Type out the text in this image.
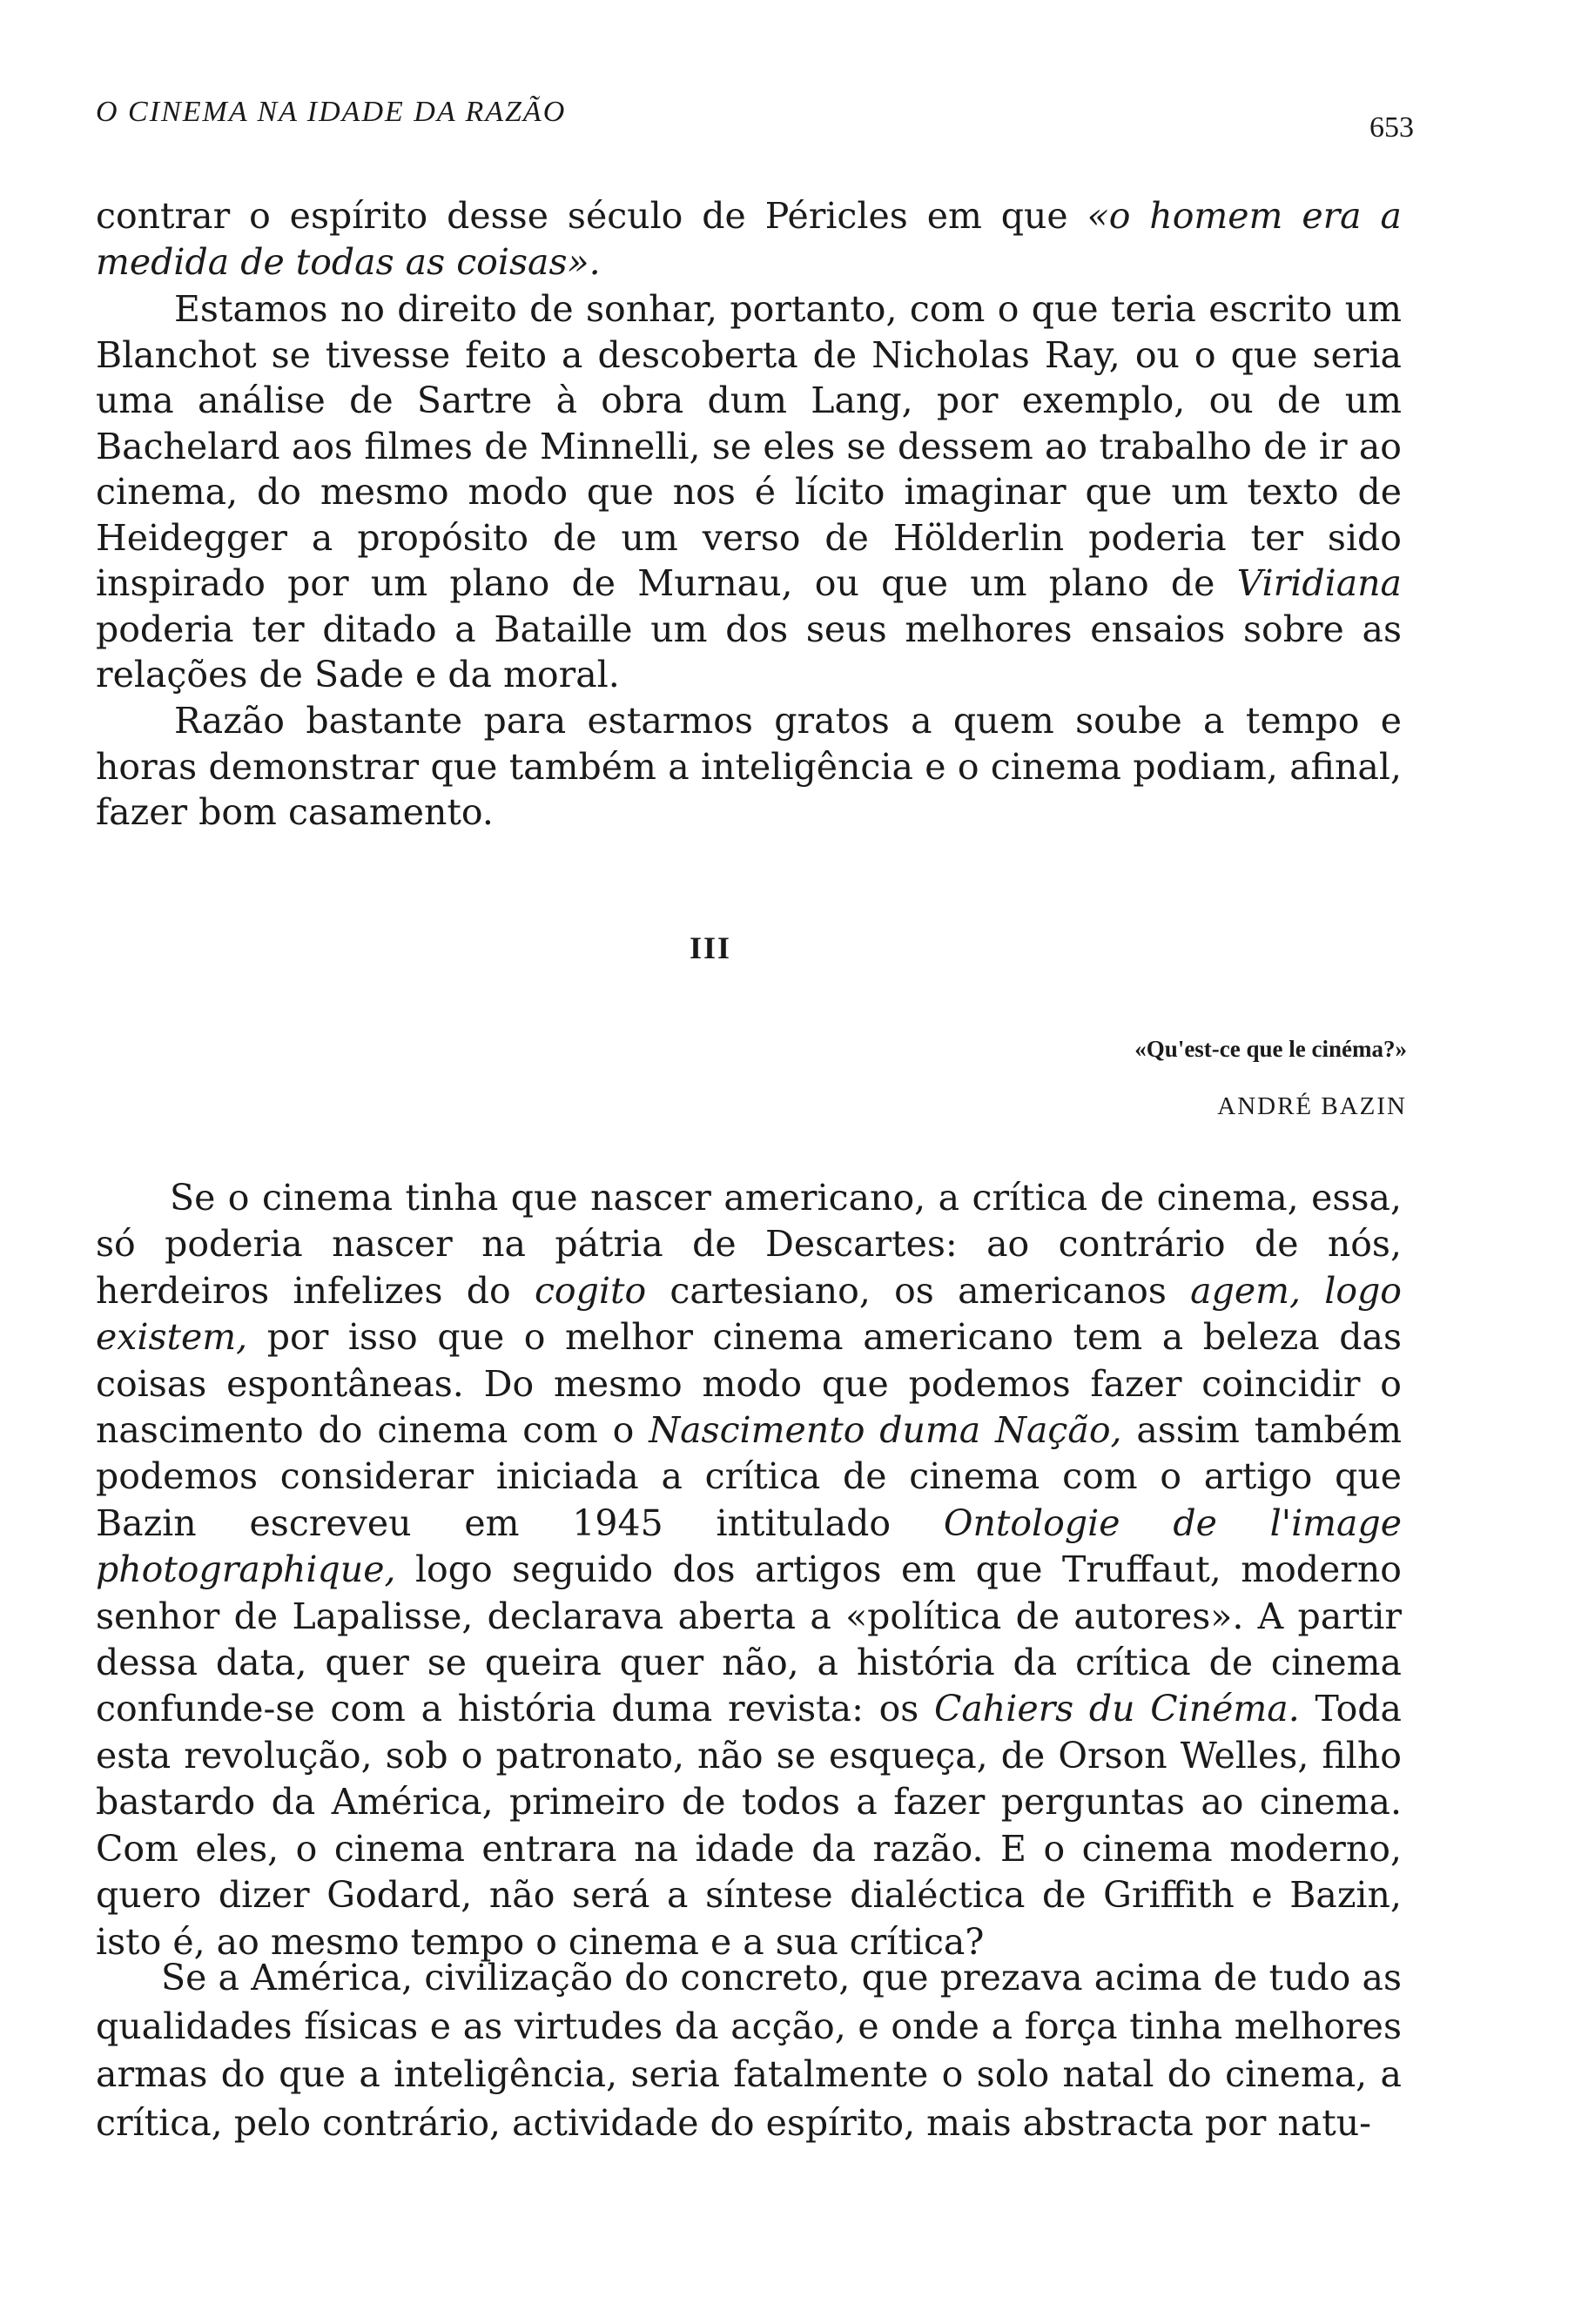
O CINEMA NA IDADE DA RAZÃO	653

contrar o espírito desse século de Péricles em que «o homem era a medida de todas as coisas».

Estamos no direito de sonhar, portanto, com o que teria escrito um Blanchot se tivesse feito a descoberta de Nicholas Ray, ou o que seria uma análise de Sartre à obra dum Lang, por exemplo, ou de um Bachelard aos filmes de Minnelli, se eles se dessem ao trabalho de ir ao cinema, do mesmo modo que nos é lícito imaginar que um texto de Heidegger a propósito de um verso de Hölderlin poderia ter sido inspirado por um plano de Murnau, ou que um plano de Viridiana poderia ter ditado a Bataille um dos seus melhores ensaios sobre as relações de Sade e da moral.

Razão bastante para estarmos gratos a quem soube a tempo e horas demonstrar que também a inteligência e o cinema podiam, afinal, fazer bom casamento.

III
«Qu'est-ce que le cinéma?»
ANDRÉ BAZIN

Se o cinema tinha que nascer americano, a crítica de cinema, essa, só poderia nascer na pátria de Descartes: ao contrário de nós, herdeiros infelizes do cogito cartesiano, os americanos agem, logo existem, por isso que o melhor cinema americano tem a beleza das coisas espontâneas. Do mesmo modo que podemos fazer coincidir o nascimento do cinema com o Nascimento duma Nação, assim também podemos considerar iniciada a crítica de cinema com o artigo que Bazin escreveu em 1945 intitulado Ontologie de l'image photographique, logo seguido dos artigos em que Truffaut, moderno senhor de Lapalisse, declarava aberta a «política de autores». A partir dessa data, quer se queira quer não, a história da crítica de cinema confunde-se com a história duma revista: os Cahiers du Cinéma. Toda esta revolução, sob o patronato, não se esqueça, de Orson Welles, filho bastardo da América, primeiro de todos a fazer perguntas ao cinema. Com eles, o cinema entrara na idade da razão. E o cinema moderno, quero dizer Godard, não será a síntese dialéctica de Griffith e Bazin, isto é, ao mesmo tempo o cinema e a sua crítica?

Se a América, civilização do concreto, que prezava acima de tudo as qualidades físicas e as virtudes da acção, e onde a força tinha melhores armas do que a inteligência, seria fatalmente o solo natal do cinema, a crítica, pelo contrário, actividade do espírito, mais abstracta por natu-
